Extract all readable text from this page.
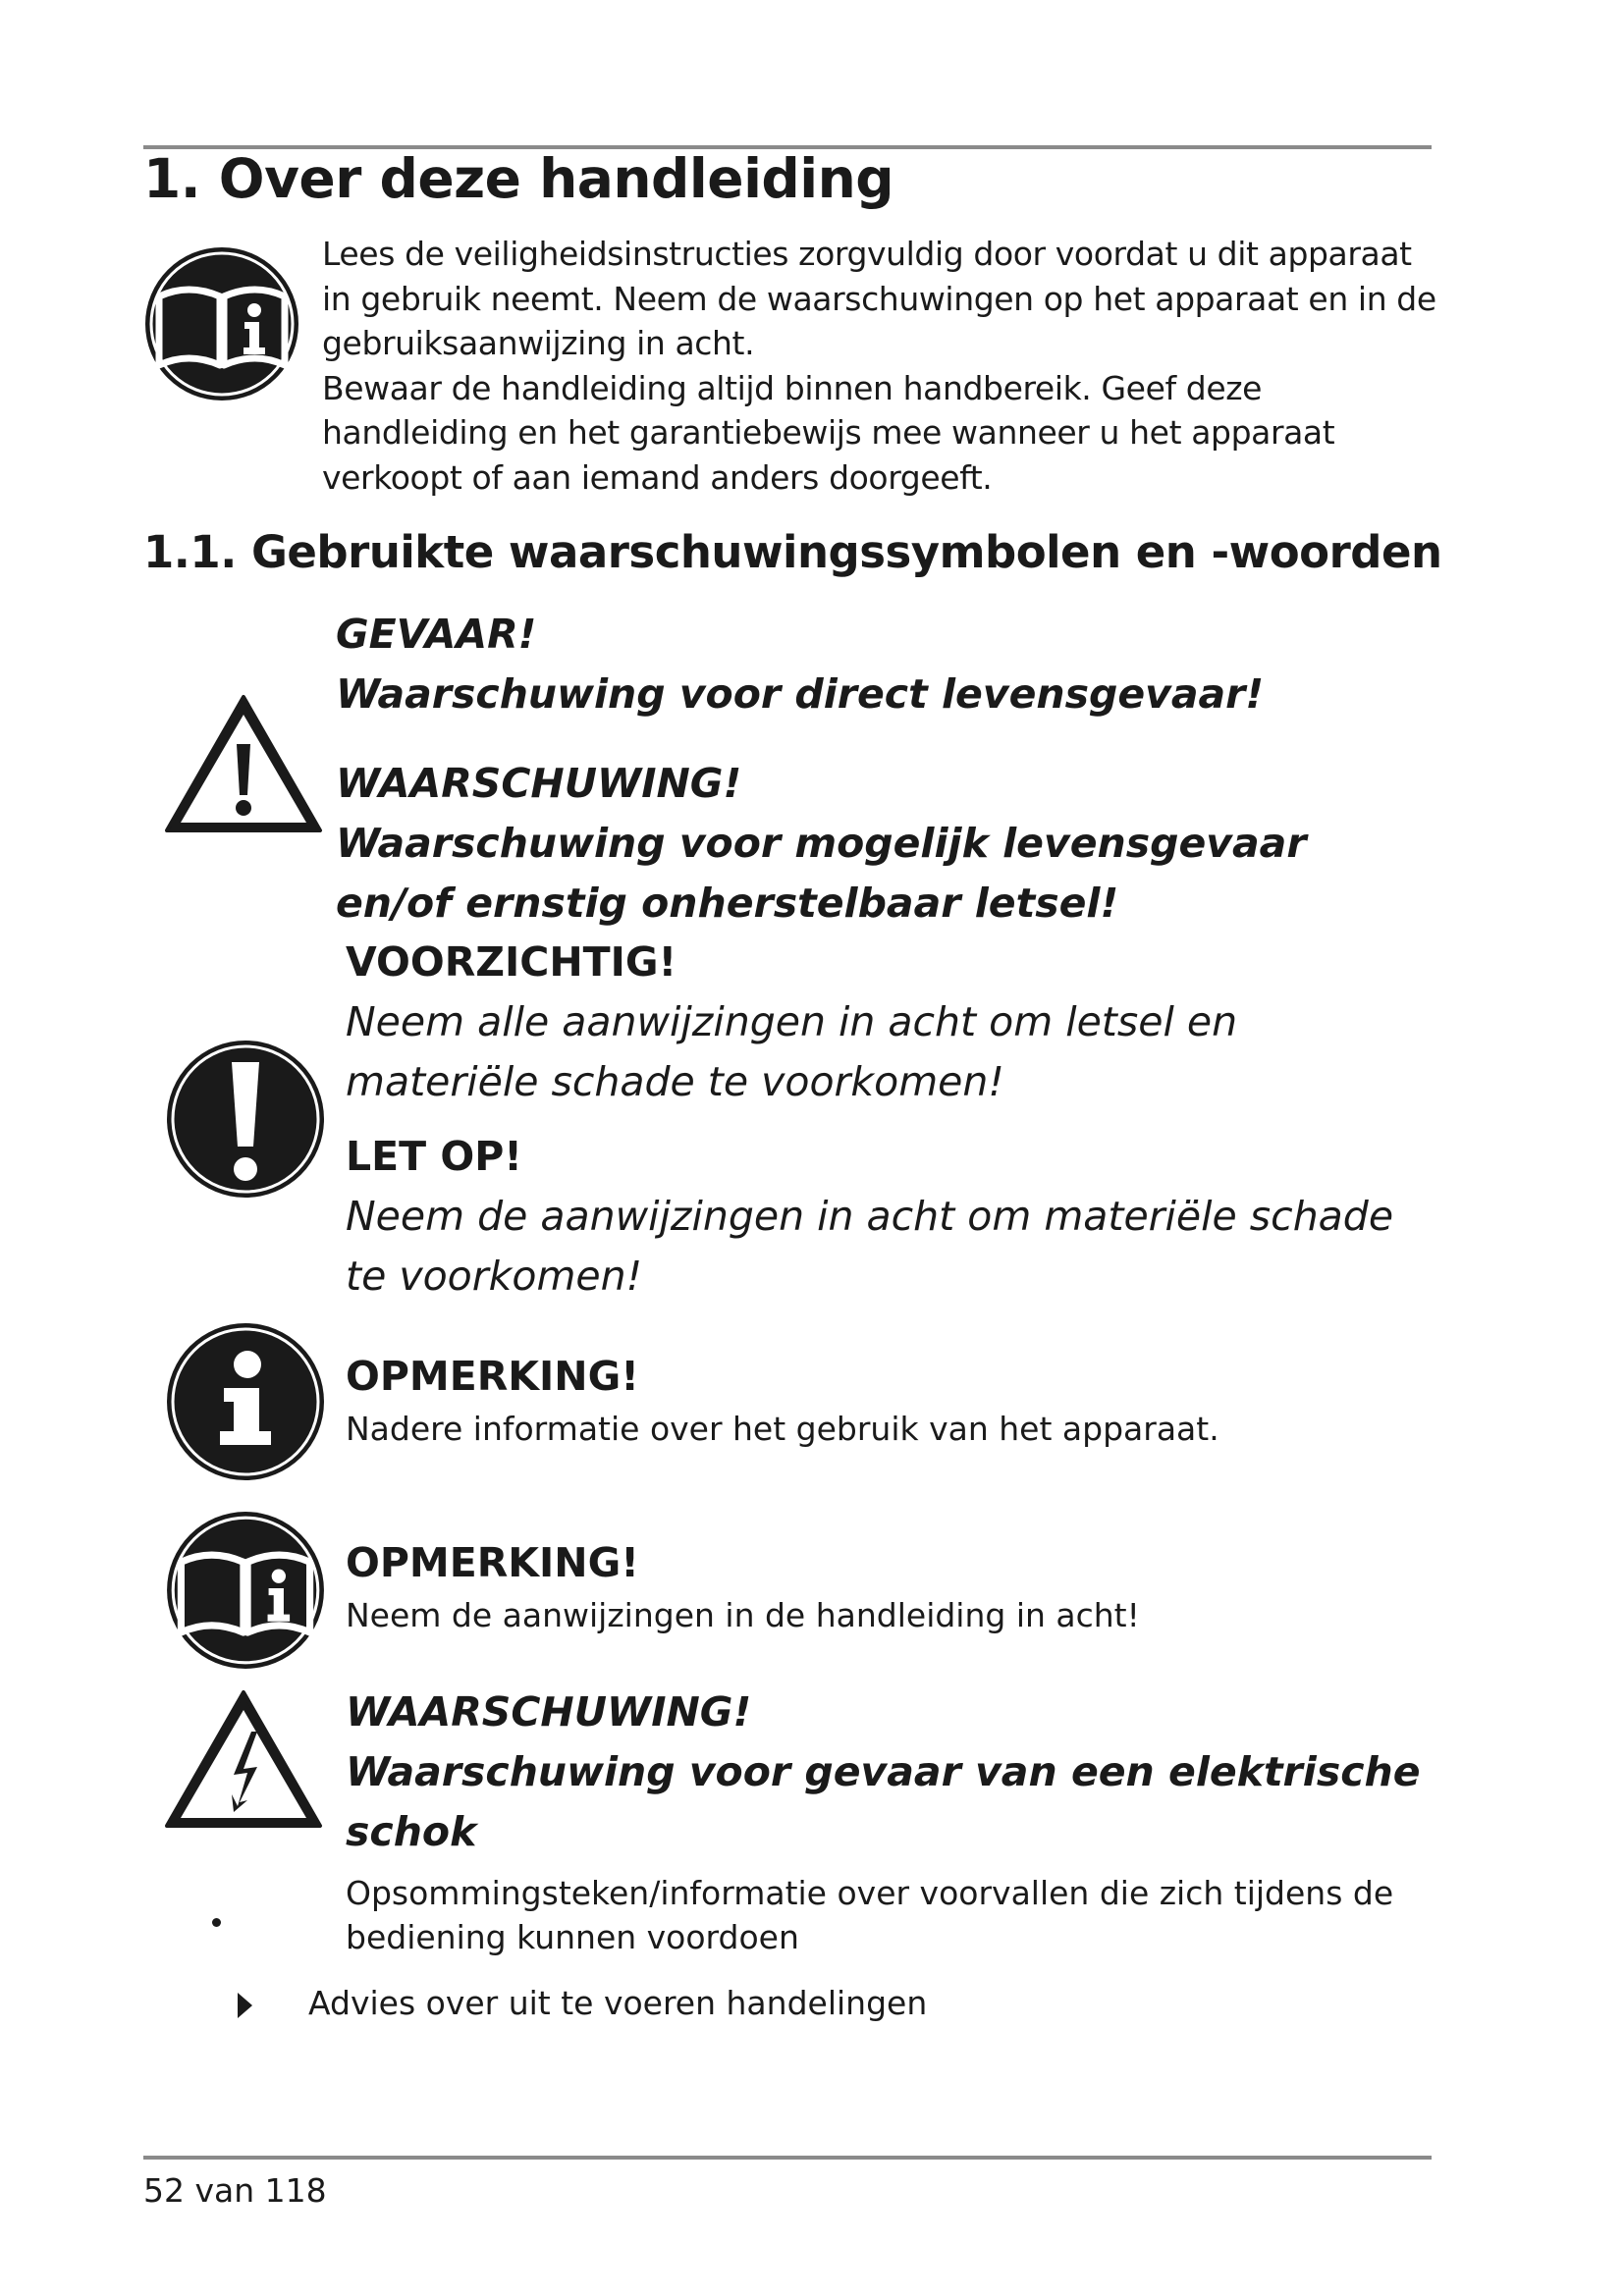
1. Over deze handleiding

Lees de veiligheidsinstructies zorgvuldig door voordat u dit apparaat in gebruik neemt. Neem de waarschuwingen op het apparaat en in de gebruiksaanwijzing in acht.

Bewaar de handleiding altijd binnen handbereik. Geef deze handleiding en het garantiebewijs mee wanneer u het apparaat verkoopt of aan iemand anders doorgeeft.

1.1. Gebruikte waarschuwingssymbolen en -woorden
GEVAAR!
Waarschuwing voor direct levensgevaar!
WAARSCHUWING!
Waarschuwing voor mogelijk levensgevaar en/of ernstig onherstelbaar letsel!
VOORZICHTIG!
Neem alle aanwijzingen in acht om letsel en materiële schade te voorkomen!
LET OP!
Neem de aanwijzingen in acht om materiële schade te voorkomen!
OPMERKING!
Nadere informatie over het gebruik van het apparaat.
OPMERKING!
Neem de aanwijzingen in de handleiding in acht!
WAARSCHUWING!
Waarschuwing voor gevaar van een elektrische schok
Opsommingsteken/informatie over voorvallen die zich tijdens de bediening kunnen voordoen
Advies over uit te voeren handelingen
52 van 118
